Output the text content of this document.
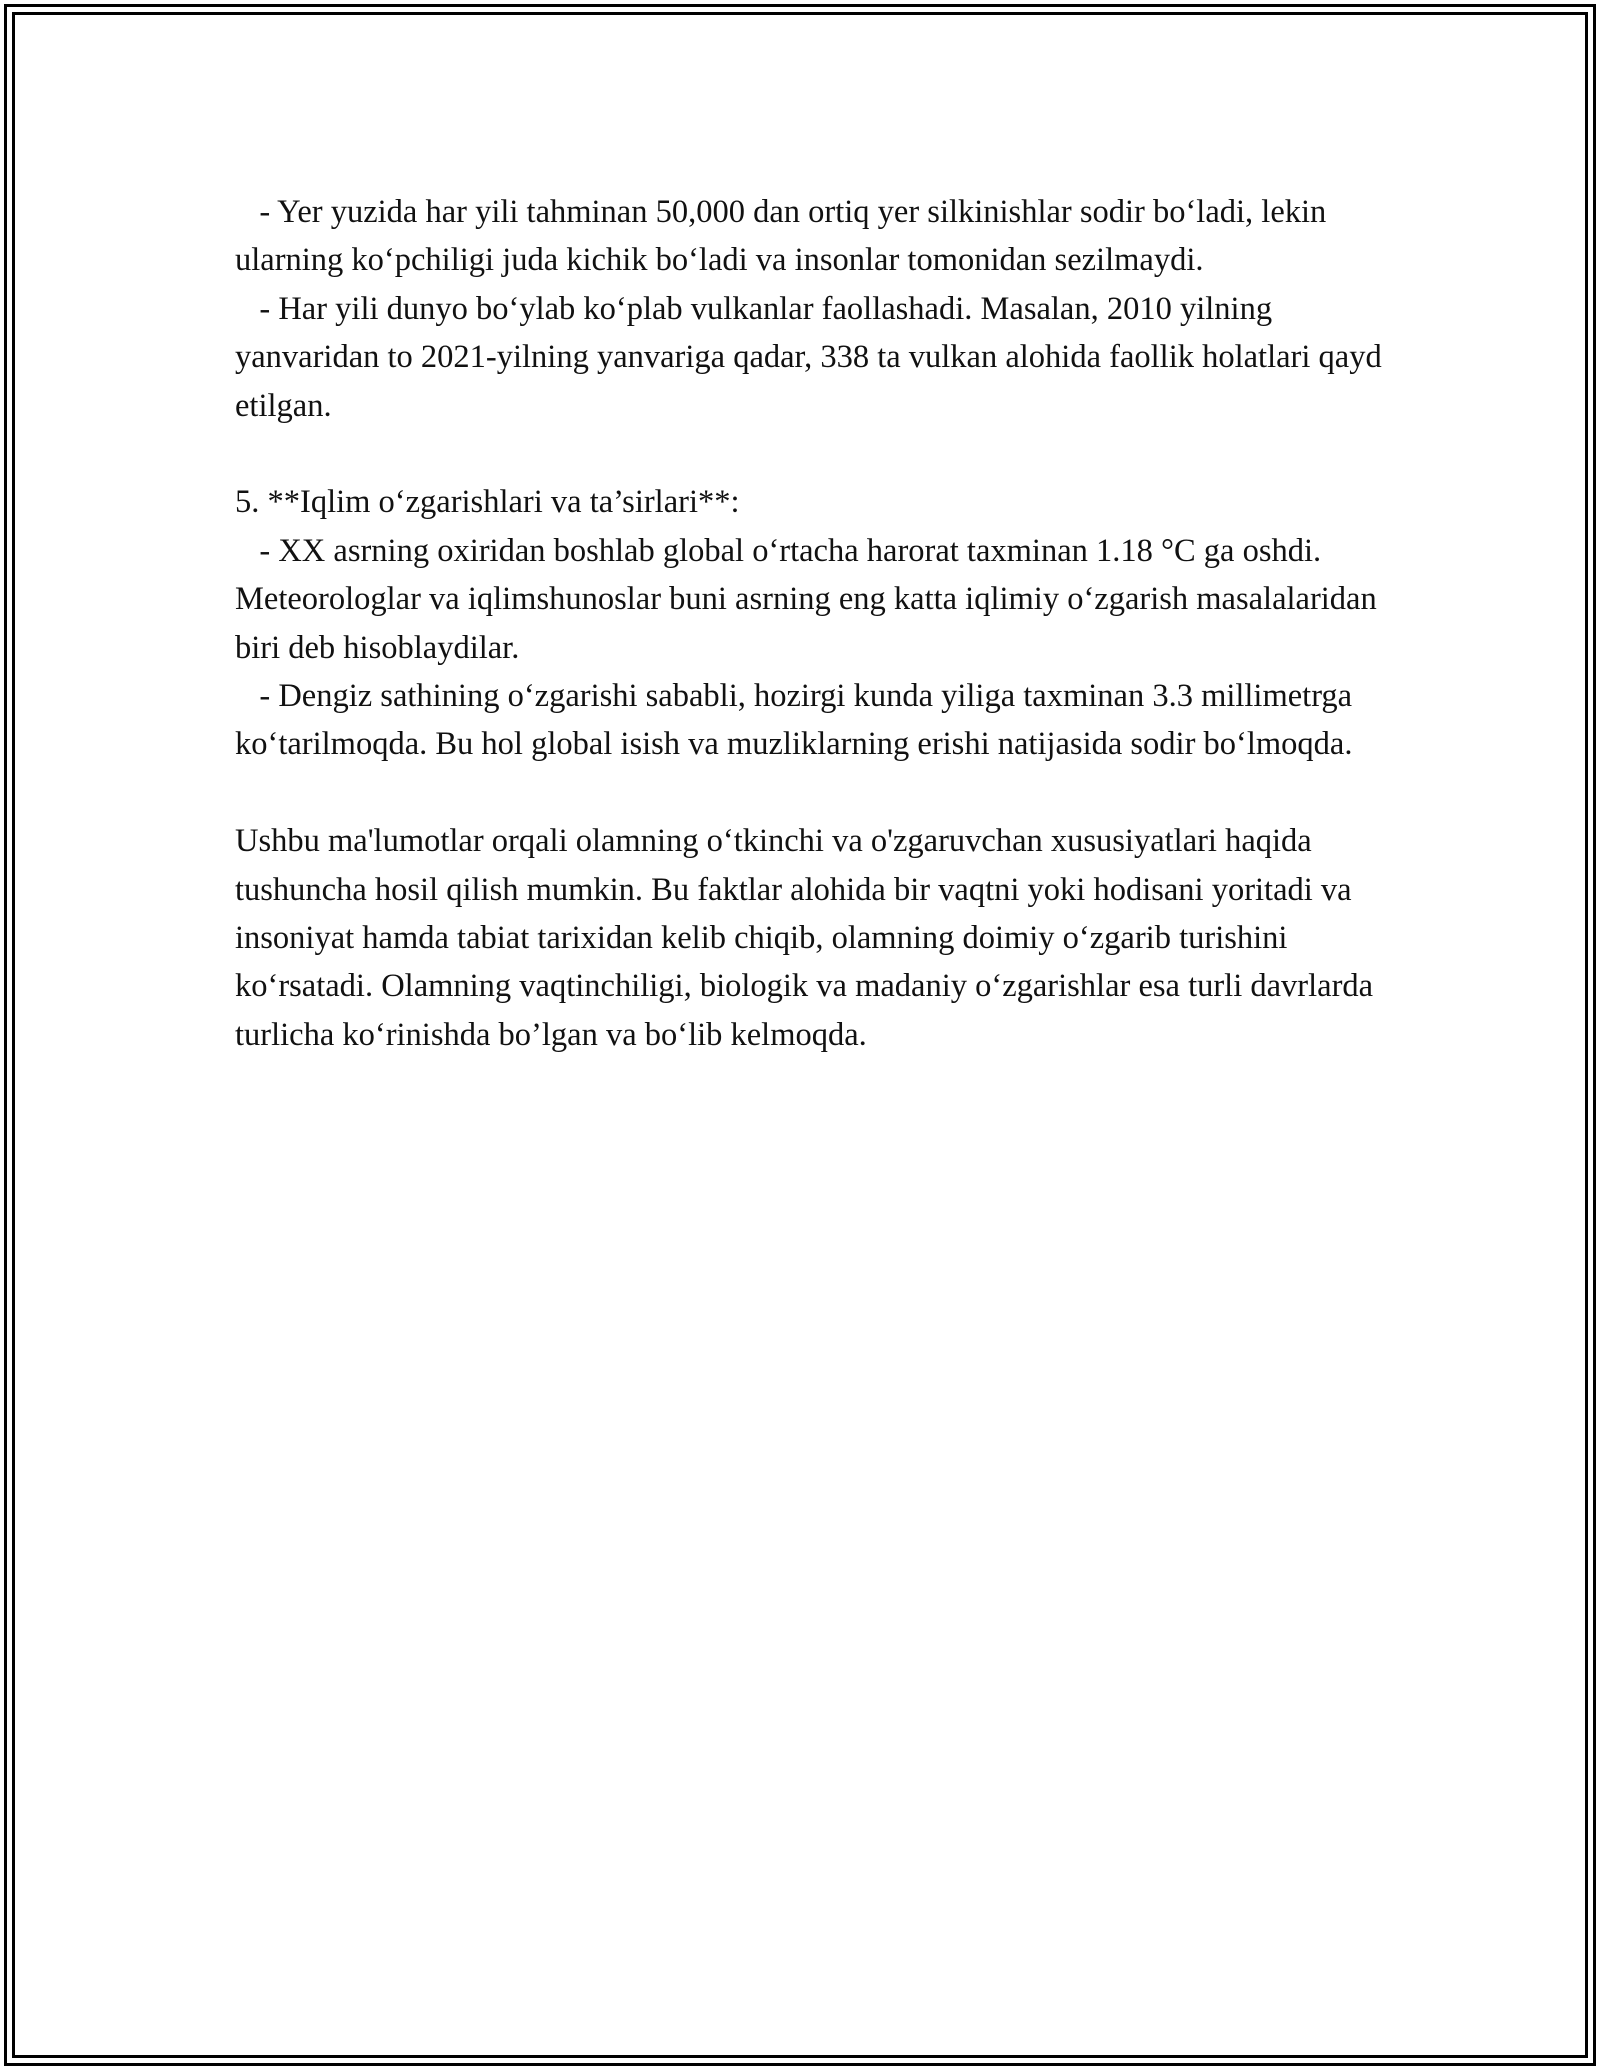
- Yer yuzida har yili tahminan 50,000 dan ortiq yer silkinishlar sodir bo‘ladi, lekin ularning ko‘pchiligi juda kichik bo‘ladi va insonlar tomonidan sezilmaydi.

- Har yili dunyo bo‘ylab ko‘plab vulkanlar faollashadi. Masalan, 2010 yilning yanvaridan to 2021-yilning yanvariga qadar, 338 ta vulkan alohida faollik holatlari qayd etilgan.

5. **Iqlim o‘zgarishlari va ta’sirlari**:

- XX asrning oxiridan boshlab global o‘rtacha harorat taxminan 1.18 °C ga oshdi. Meteorologlar va iqlimshunoslar buni asrning eng katta iqlimiy o‘zgarish masalalaridan biri deb hisoblaydilar.

- Dengiz sathining o‘zgarishi sababli, hozirgi kunda yiliga taxminan 3.3 millimetrga ko‘tarilmoqda. Bu hol global isish va muzliklarning erishi natijasida sodir bo‘lmoqda.

Ushbu ma'lumotlar orqali olamning o‘tkinchi va o'zgaruvchan xususiyatlari haqida tushuncha hosil qilish mumkin. Bu faktlar alohida bir vaqtni yoki hodisani yoritadi va insoniyat hamda tabiat tarixidan kelib chiqib, olamning doimiy o‘zgarib turishini ko‘rsatadi. Olamning vaqtinchiligi, biologik va madaniy o‘zgarishlar esa turli davrlarda turlicha ko‘rinishda bo’lgan va bo‘lib kelmoqda.
